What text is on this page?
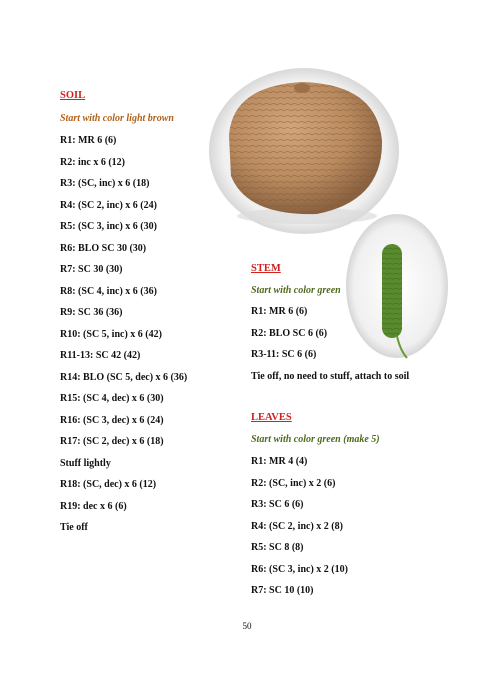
SOIL
Start with color light brown
R1: MR 6 (6)
R2: inc x 6 (12)
R3: (SC, inc) x 6 (18)
R4: (SC 2, inc) x 6 (24)
R5: (SC 3, inc) x 6 (30)
R6: BLO SC 30 (30)
R7: SC 30 (30)
R8: (SC 4, inc) x 6 (36)
R9: SC 36 (36)
R10: (SC 5, inc) x 6 (42)
R11-13: SC 42 (42)
R14: BLO (SC 5, dec) x 6 (36)
R15: (SC 4, dec) x 6 (30)
R16: (SC 3, dec) x 6 (24)
R17: (SC 2, dec) x 6 (18)
Stuff lightly
R18: (SC, dec) x 6 (12)
R19: dec x 6 (6)
Tie off
STEM
Start with color green
R1: MR 6 (6)
R2: BLO SC 6 (6)
R3-11: SC 6 (6)
Tie off, no need to stuff, attach to soil
LEAVES
Start with color green (make 5)
R1: MR 4 (4)
R2: (SC, inc) x 2 (6)
R3: SC 6 (6)
R4: (SC 2, inc) x 2 (8)
R5: SC 8 (8)
R6: (SC 3, inc) x 2 (10)
R7: SC 10 (10)
50
